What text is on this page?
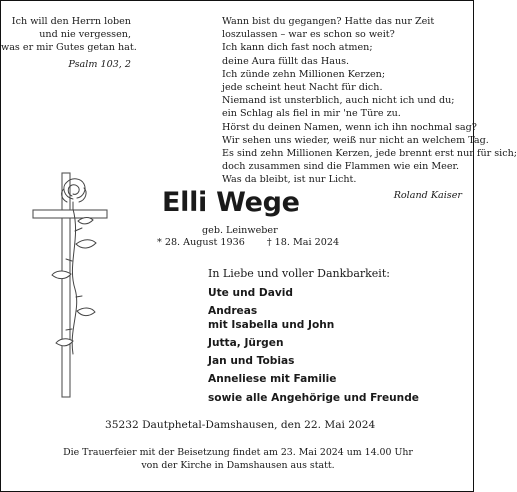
Ich will den Herrn loben
und nie vergessen,
was er mir Gutes getan hat.
Psalm 103, 2
Wann bist du gegangen? Hatte das nur Zeit
loszulassen – war es schon so weit?
Ich kann dich fast noch atmen;
deine Aura füllt das Haus.
Ich zünde zehn Millionen Kerzen;
jede scheint heut Nacht für dich.
Niemand ist unsterblich, auch nicht ich und du;
ein Schlag als fiel in mir 'ne Türe zu.
Hörst du deinen Namen, wenn ich ihn nochmal sag?
Wir sehen uns wieder, weiß nur nicht an welchem Tag.
Es sind zehn Millionen Kerzen, jede brennt erst nur für sich;
doch zusammen sind die Flammen wie ein Meer.
Was da bleibt, ist nur Licht.
Roland Kaiser
Elli Wege
geb. Leinweber
* 28. August 1936 † 18. Mai 2024
In Liebe und voller Dankbarkeit:
Ute und David
Andreas
mit Isabella und John
Jutta, Jürgen
Jan und Tobias
Anneliese mit Familie
sowie alle Angehörige und Freunde
35232 Dautphetal-Damshausen, den 22. Mai 2024
Die Trauerfeier mit der Beisetzung findet am 23. Mai 2024 um 14.00 Uhr
von der Kirche in Damshausen aus statt.
